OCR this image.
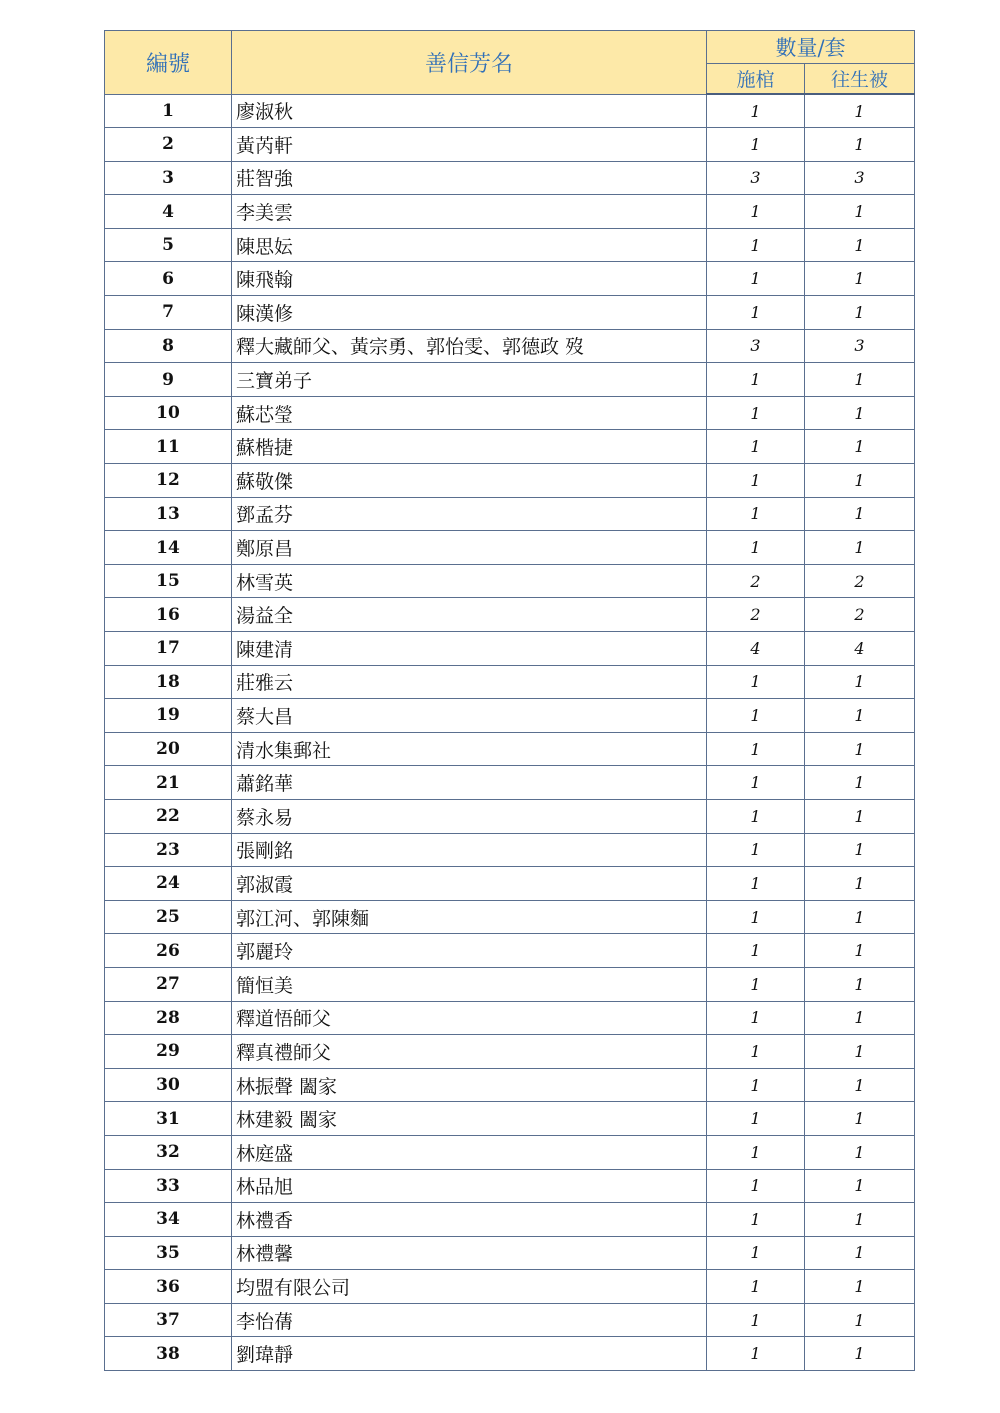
編號	善信芳名	數量/套	
		施棺	往生被
1	廖淑秋	1	1
2	黃芮軒	1	1
3	莊智強	3	3
4	李美雲	1	1
5	陳思妘	1	1
6	陳飛翰	1	1
7	陳漢修	1	1
8	釋大藏師父、黃宗勇、郭怡雯、郭德政 歿	3	3
9	三寶弟子	1	1
10	蘇芯瑩	1	1
11	蘇楷捷	1	1
12	蘇敬傑	1	1
13	鄧孟芬	1	1
14	鄭原昌	1	1
15	林雪英	2	2
16	湯益全	2	2
17	陳建清	4	4
18	莊雅云	1	1
19	蔡大昌	1	1
20	清水集郵社	1	1
21	蕭銘華	1	1
22	蔡永易	1	1
23	張剛銘	1	1
24	郭淑霞	1	1
25	郭江河、郭陳麵	1	1
26	郭麗玲	1	1
27	簡恒美	1	1
28	釋道悟師父	1	1
29	釋真禮師父	1	1
30	林振聲 闔家	1	1
31	林建毅 闔家	1	1
32	林庭盛	1	1
33	林品旭	1	1
34	林禮香	1	1
35	林禮馨	1	1
36	均盟有限公司	1	1
37	李怡蒨	1	1
38	劉瑋靜	1	1
